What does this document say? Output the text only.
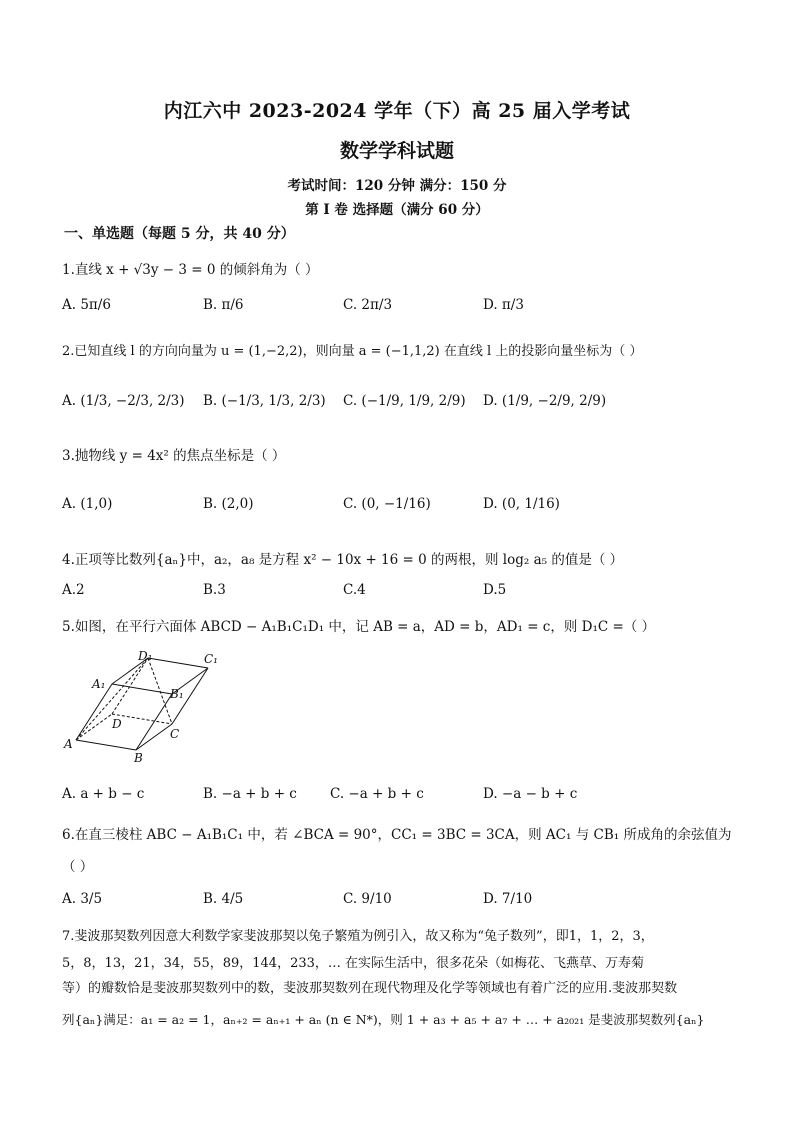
内江六中 2023-2024 学年（下）高 25 届入学考试
数学学科试题
考试时间：120 分钟 满分：150 分
第 I 卷 选择题（满分 60 分）
一、单选题（每题 5 分，共 40 分）
1.直线 x + √3y − 3 = 0 的倾斜角为（ ）
A. 5π/6	B. π/6	C. 2π/3	D. π/3
2.已知直线 l 的方向向量为 u = (1,−2,2)，则向量 a = (−1,1,2) 在直线 l 上的投影向量坐标为（ ）
A. (1/3, −2/3, 2/3) B. (−1/3, 1/3, 2/3) C. (−1/9, 1/9, 2/9) D. (1/9, −2/9, 2/9)
3.抛物线 y = 4x² 的焦点坐标是（ ）
A. (1,0)	B. (2,0)	C. (0, −1/16)	D. (0, 1/16)
4.正项等比数列{aₙ}中，a₂，a₈ 是方程 x² − 10x + 16 = 0 的两根，则 log₂ a₅ 的值是（ ）
A.2	B.3	C.4	D.5
5.如图，在平行六面体 ABCD − A₁B₁C₁D₁ 中，记 AB = a，AD = b，AD₁ = c，则 D₁C =（ ）
D₁	C₁
A₁
B₁
D
C
A
B
A. a + b − c	B. −a + b + c C. −a + b + c	D. −a − b + c
6.在直三棱柱 ABC − A₁B₁C₁ 中，若 ∠BCA = 90°，CC₁ = 3BC = 3CA，则 AC₁ 与 CB₁ 所成角的余弦值为
（ ）
A. 3/5	B. 4/5	C. 9/10	D. 7/10
7.斐波那契数列因意大利数学家斐波那契以兔子繁殖为例引入，故又称为“兔子数列”，即1，1，2，3，
5，8，13，21，34，55，89，144，233，… 在实际生活中，很多花朵（如梅花、飞燕草、万寿菊
等）的瓣数恰是斐波那契数列中的数，斐波那契数列在现代物理及化学等领域也有着广泛的应用.斐波那契数
列{aₙ}满足：a₁ = a₂ = 1，aₙ₊₂ = aₙ₊₁ + aₙ (n ∈ N*)，则 1 + a₃ + a₅ + a₇ + … + a₂₀₂₁ 是斐波那契数列{aₙ}
